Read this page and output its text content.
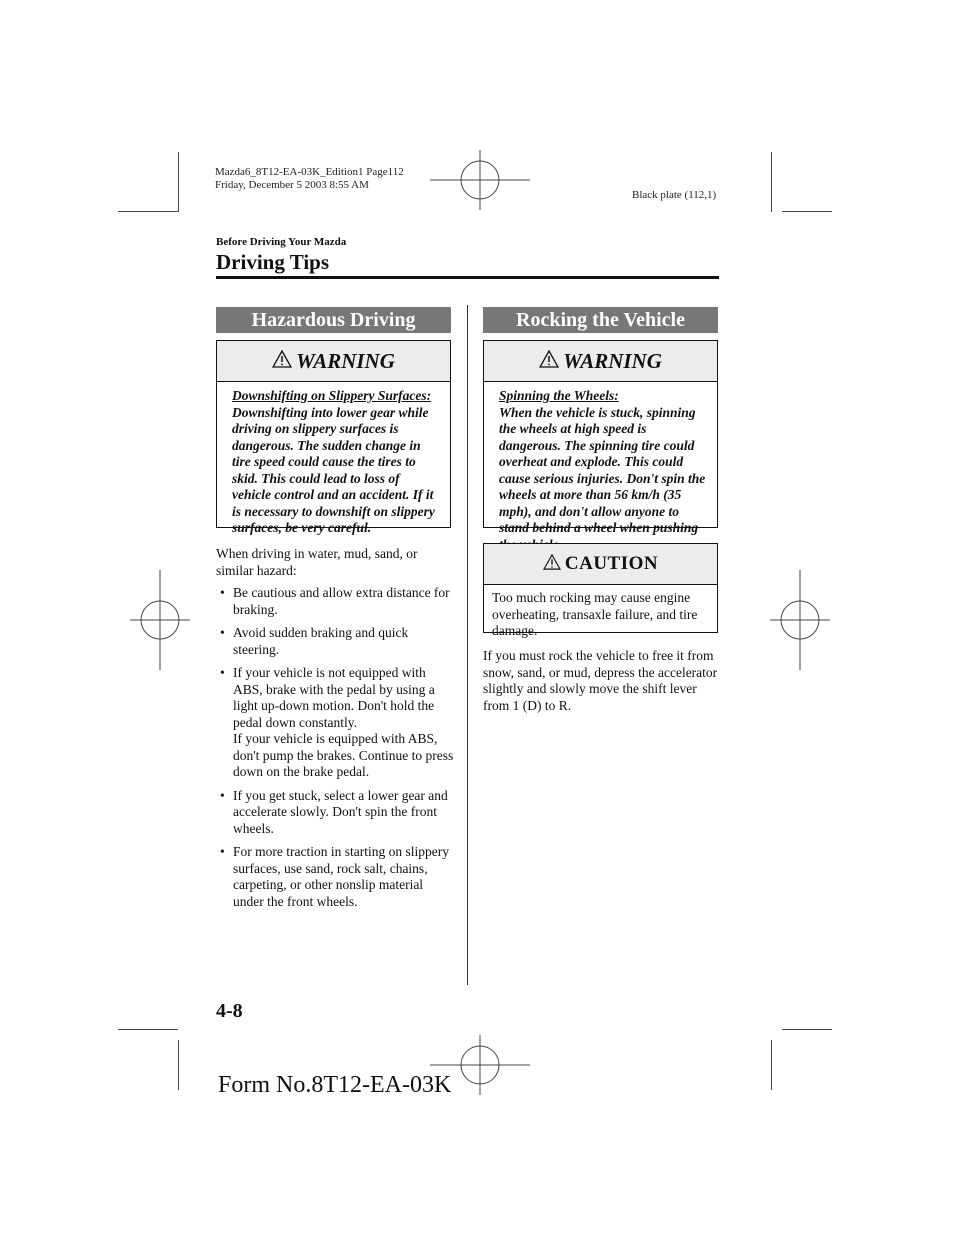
Mazda6_8T12-EA-03K_Edition1 Page112
Friday, December 5 2003 8:55 AM
Black plate (112,1)
Before Driving Your Mazda
Driving Tips
Hazardous Driving
WARNING
Downshifting on Slippery Surfaces:
Downshifting into lower gear while driving on slippery surfaces is dangerous. The sudden change in tire speed could cause the tires to skid. This could lead to loss of vehicle control and an accident. If it is necessary to downshift on slippery surfaces, be very careful.
When driving in water, mud, sand, or similar hazard:
• Be cautious and allow extra distance for braking.
• Avoid sudden braking and quick steering.
• If your vehicle is not equipped with ABS, brake with the pedal by using a light up-down motion. Don't hold the pedal down constantly.
If your vehicle is equipped with ABS, don't pump the brakes. Continue to press down on the brake pedal.
• If you get stuck, select a lower gear and accelerate slowly. Don't spin the front wheels.
• For more traction in starting on slippery surfaces, use sand, rock salt, chains, carpeting, or other nonslip material under the front wheels.
Rocking the Vehicle
WARNING
Spinning the Wheels:
When the vehicle is stuck, spinning the wheels at high speed is dangerous. The spinning tire could overheat and explode. This could cause serious injuries. Don't spin the wheels at more than 56 km/h (35 mph), and don't allow anyone to stand behind a wheel when pushing
CAUTION
Too much rocking may cause engine overheating, transaxle failure, and tire damage.
If you must rock the vehicle to free it from snow, sand, or mud, depress the accelerator slightly and slowly move the shift lever from 1 (D) to R.
4-8
Form No.8T12-EA-03K
